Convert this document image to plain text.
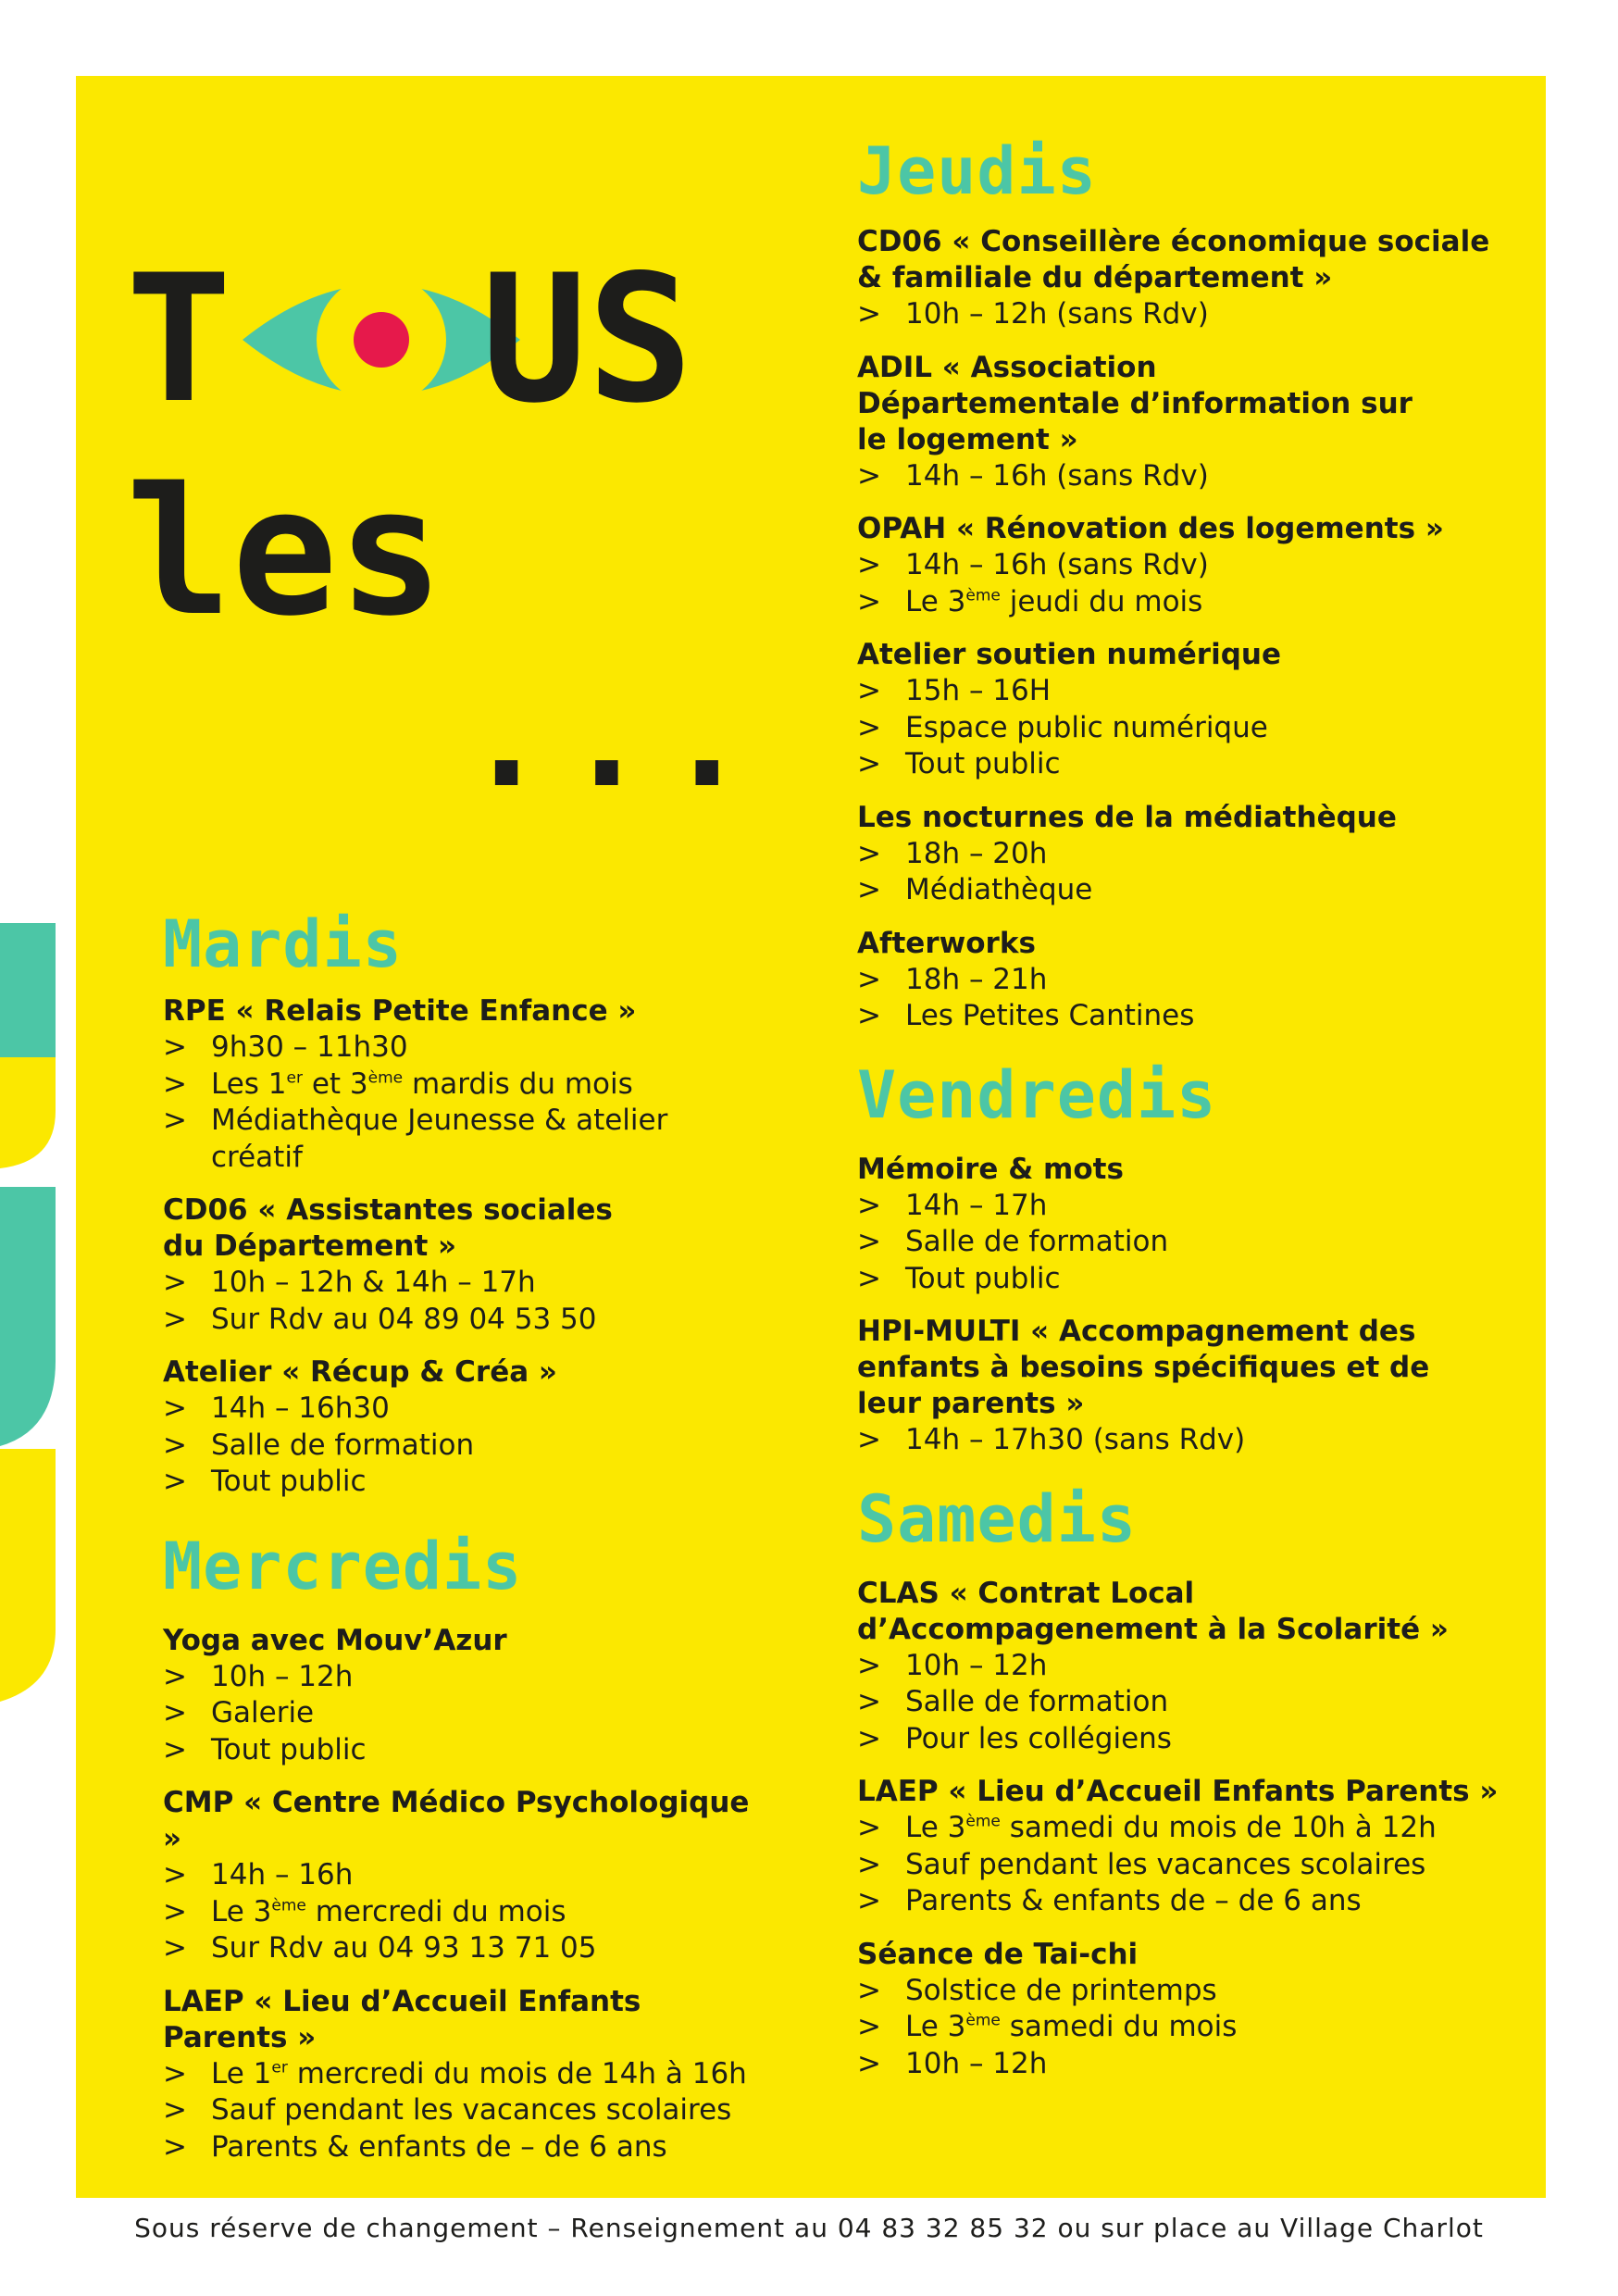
T US
les
...
Mardis
RPE « Relais Petite Enfance »
> 9h30 – 11h30
> Les 1er et 3ème mardis du mois
> Médiathèque Jeunesse & atelier créatif
CD06 « Assistantes sociales du Département »
> 10h – 12h & 14h – 17h
> Sur Rdv au 04 89 04 53 50
Atelier « Récup & Créa »
> 14h – 16h30
> Salle de formation
> Tout public
Mercredis
Yoga avec Mouv’Azur
> 10h – 12h
> Galerie
> Tout public
CMP « Centre Médico Psychologique »
> 14h – 16h
> Le 3ème mercredi du mois
> Sur Rdv au 04 93 13 71 05
LAEP « Lieu d’Accueil Enfants Parents »
> Le 1er mercredi du mois de 14h à 16h
> Sauf pendant les vacances scolaires
> Parents & enfants de – de 6 ans
Jeudis
CD06 « Conseillère économique sociale & familiale du département »
> 10h – 12h (sans Rdv)
ADIL « Association Départementale d’information sur le logement »
> 14h – 16h (sans Rdv)
OPAH « Rénovation des logements »
> 14h – 16h (sans Rdv)
> Le 3ème jeudi du mois
Atelier soutien numérique
> 15h – 16H
> Espace public numérique
> Tout public
Les nocturnes de la médiathèque
> 18h – 20h
> Médiathèque
Afterworks
> 18h – 21h
> Les Petites Cantines
Vendredis
Mémoire & mots
> 14h – 17h
> Salle de formation
> Tout public
HPI-MULTI « Accompagnement des enfants à besoins spécifiques et de leur parents »
> 14h – 17h30 (sans Rdv)
Samedis
CLAS « Contrat Local d’Accompagenement à la Scolarité »
> 10h – 12h
> Salle de formation
> Pour les collégiens
LAEP « Lieu d’Accueil Enfants Parents »
> Le 3ème samedi du mois de 10h à 12h
> Sauf pendant les vacances scolaires
> Parents & enfants de – de 6 ans
Séance de Tai-chi
> Solstice de printemps
> Le 3ème samedi du mois
> 10h – 12h
Sous réserve de changement – Renseignement au 04 83 32 85 32 ou sur place au Village Charlot
